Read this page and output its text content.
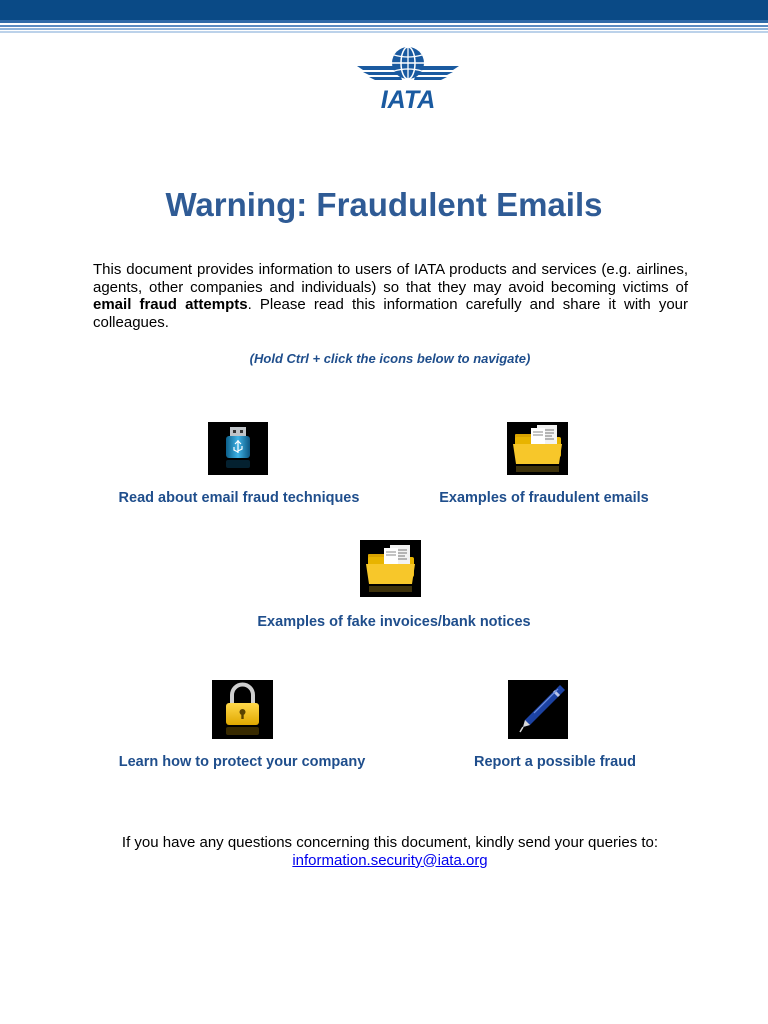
IATA
Warning: Fraudulent Emails

This document provides information to users of IATA products and services (e.g. airlines, agents, other companies and individuals) so that they may avoid becoming victims of email fraud attempts. Please read this information carefully and share it with your colleagues.

(Hold Ctrl + click the icons below to navigate)

Read about email fraud techniques	Examples of fraudulent emails
Examples of fake invoices/bank notices
Learn how to protect your company	Report a possible fraud
If you have any questions concerning this document, kindly send your queries to:
information.security@iata.org
